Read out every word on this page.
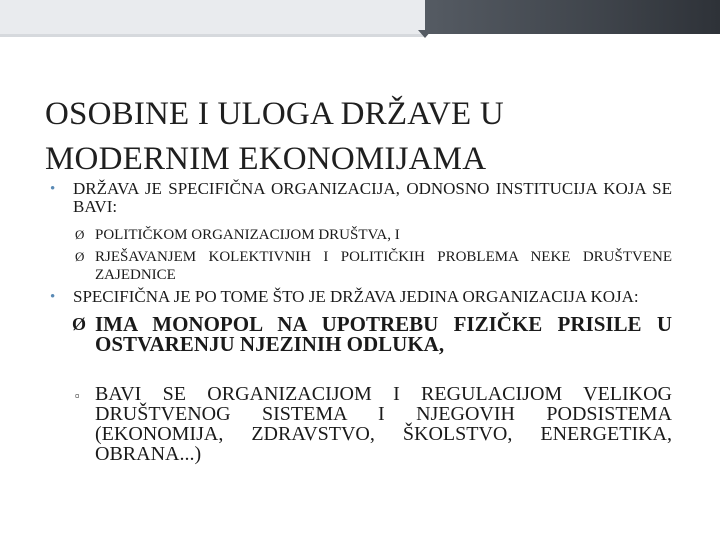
OSOBINE I ULOGA DRŽAVE U
MODERNIM EKONOMIJAMA
• DRŽAVA JE SPECIFIČNA ORGANIZACIJA, ODNOSNO INSTITUCIJA KOJA SE BAVI:
Ø POLITIČKOM ORGANIZACIJOM DRUŠTVA, I
Ø RJEŠAVANJEM KOLEKTIVNIH I POLITIČKIH PROBLEMA NEKE DRUŠTVENE ZAJEDNICE
• SPECIFIČNA JE PO TOME ŠTO JE DRŽAVA JEDINA ORGANIZACIJA KOJA:
Ø IMA MONOPOL NA UPOTREBU FIZIČKE PRISILE U OSTVARENJU NJEZINIH ODLUKA,
▫ BAVI SE ORGANIZACIJOM I REGULACIJOM VELIKOG DRUŠTVENOG SISTEMA I NJEGOVIH PODSISTEMA (EKONOMIJA, ZDRAVSTVO, ŠKOLSTVO, ENERGETIKA, OBRANA...)
